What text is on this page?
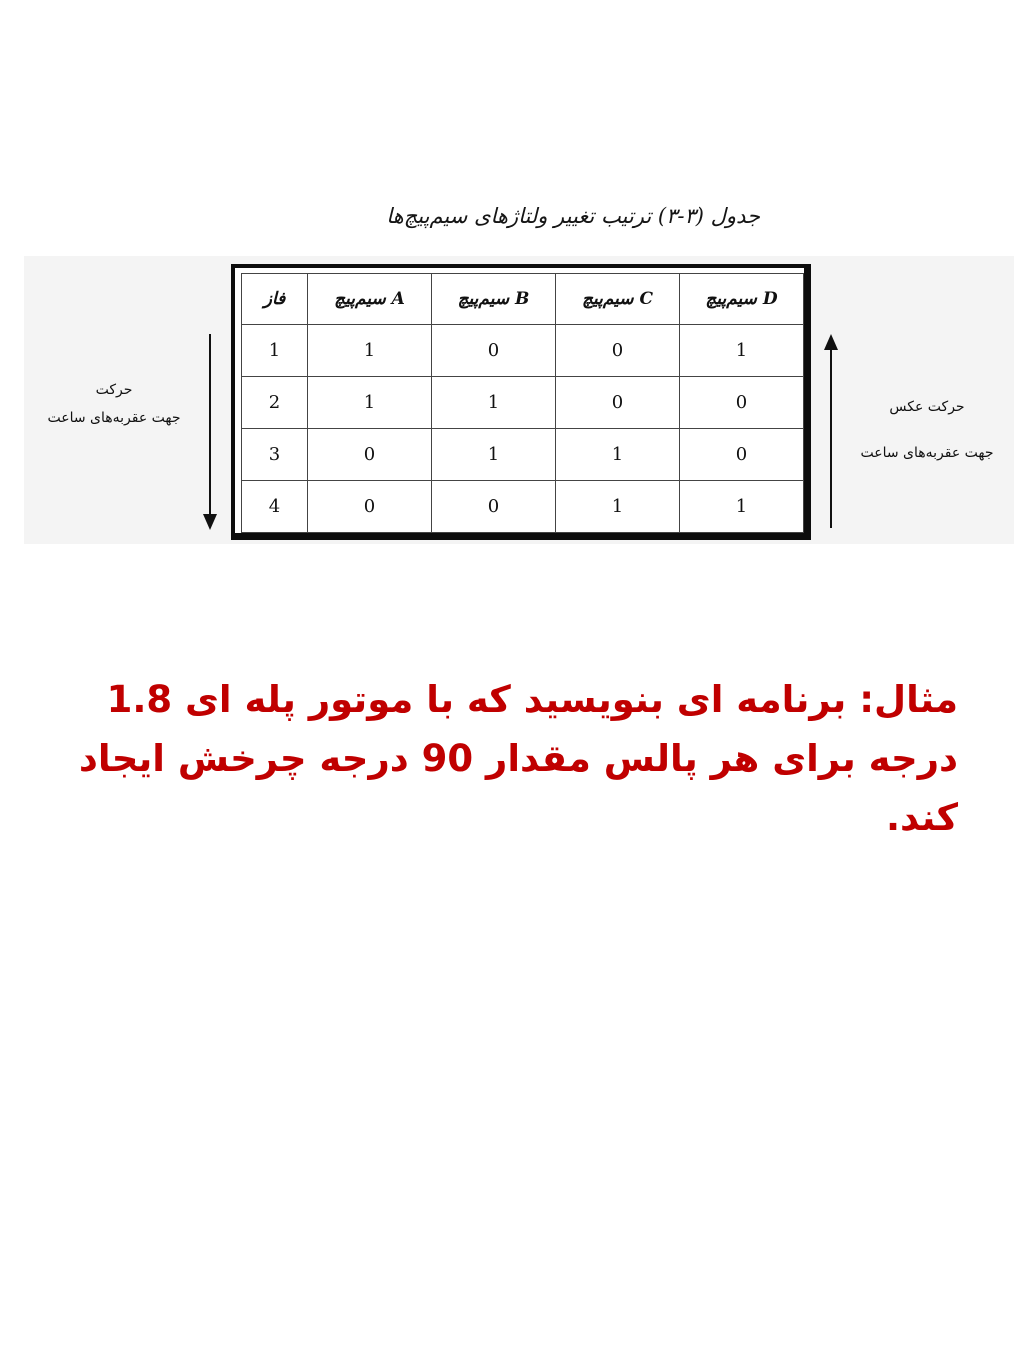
جدول (۳-۳) ترتیب تغییر ولتاژهای سیم‌پیچ‌ها
حرکت
جهت عقربه‌های ساعت
فاز	سیم‌پیچ A	سیم‌پیچ B	سیم‌پیچ C	سیم‌پیچ D
1	1	0	0	1
2	1	1	0	0
3	0	1	1	0
4	0	0	1	1
حرکت عکس
جهت عقربه‌های ساعت
مثال: برنامه ای بنویسید که با موتور پله ای 1.8 درجه برای هر پالس مقدار 90 درجه چرخش ایجاد کند.
